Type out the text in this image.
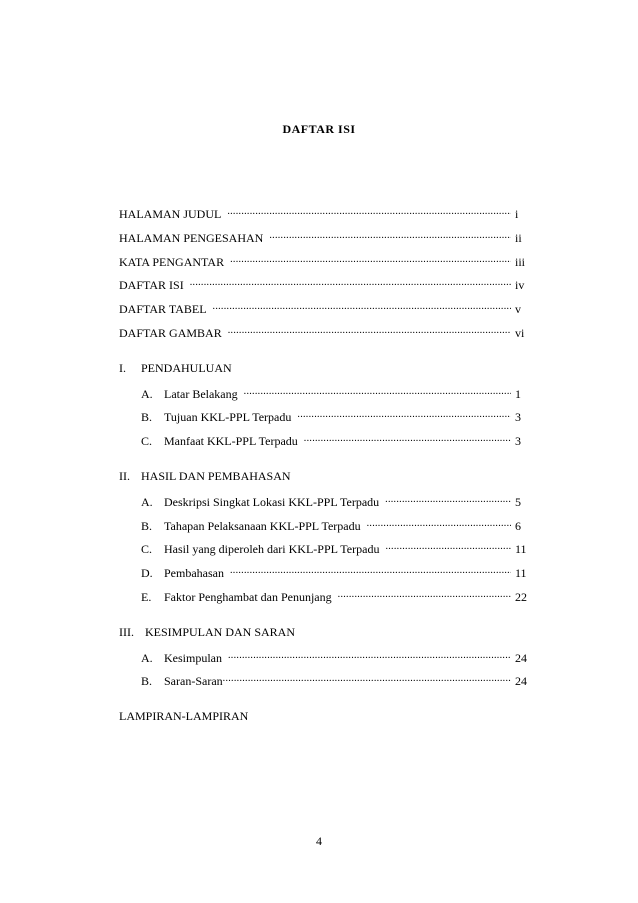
DAFTAR ISI
HALAMAN JUDUL .....	i
HALAMAN PENGESAHAN .....	ii
KATA PENGANTAR .....	iii
DAFTAR ISI .....	iv
DAFTAR TABEL .....	v
DAFTAR GAMBAR .....	vi
I.	PENDAHULUAN
A. Latar Belakang .....	1
B. Tujuan KKL-PPL Terpadu .....	3
C. Manfaat KKL-PPL Terpadu .....	3
II. HASIL DAN PEMBAHASAN
A. Deskripsi Singkat Lokasi KKL-PPL Terpadu .....	5
B. Tahapan Pelaksanaan KKL-PPL Terpadu .....	6
C. Hasil yang diperoleh dari KKL-PPL Terpadu .....	11
D. Pembahasan .....	11
E.	Faktor Penghambat dan Penunjang .....	22
III. KESIMPULAN DAN SARAN
A. Kesimpulan .....	24
B. Saran-Saran .....	24
LAMPIRAN-LAMPIRAN
4
